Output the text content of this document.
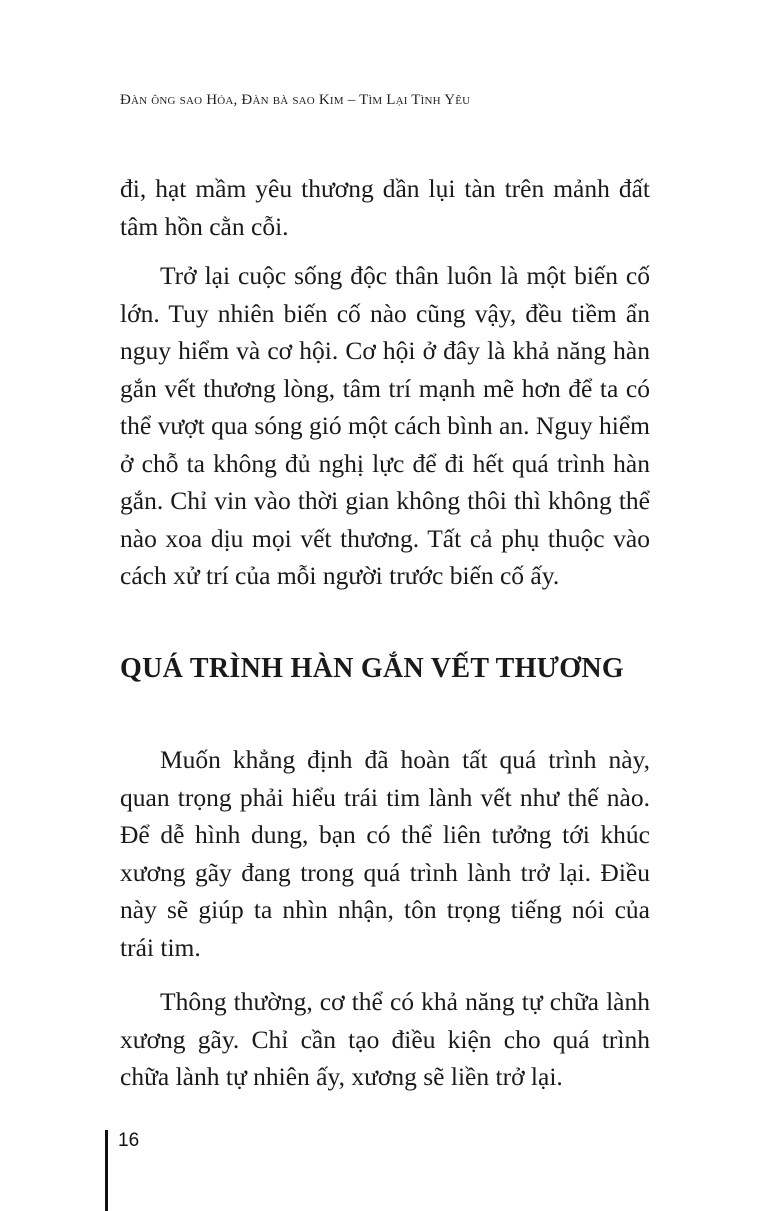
Đàn ông sao Hỏa, Đàn bà sao Kim – Tìm Lại Tình Yêu

đi, hạt mầm yêu thương dần lụi tàn trên mảnh đất tâm hồn cằn cỗi.

Trở lại cuộc sống độc thân luôn là một biến cố lớn. Tuy nhiên biến cố nào cũng vậy, đều tiềm ẩn nguy hiểm và cơ hội. Cơ hội ở đây là khả năng hàn gắn vết thương lòng, tâm trí mạnh mẽ hơn để ta có thể vượt qua sóng gió một cách bình an. Nguy hiểm ở chỗ ta không đủ nghị lực để đi hết quá trình hàn gắn. Chỉ vin vào thời gian không thôi thì không thể nào xoa dịu mọi vết thương. Tất cả phụ thuộc vào cách xử trí của mỗi người trước biến cố ấy.

QUÁ TRÌNH HÀN GẮN VẾT THƯƠNG

Muốn khẳng định đã hoàn tất quá trình này, quan trọng phải hiểu trái tim lành vết như thế nào. Để dễ hình dung, bạn có thể liên tưởng tới khúc xương gãy đang trong quá trình lành trở lại. Điều này sẽ giúp ta nhìn nhận, tôn trọng tiếng nói của trái tim.

Thông thường, cơ thể có khả năng tự chữa lành xương gãy. Chỉ cần tạo điều kiện cho quá trình chữa lành tự nhiên ấy, xương sẽ liền trở lại.

16
